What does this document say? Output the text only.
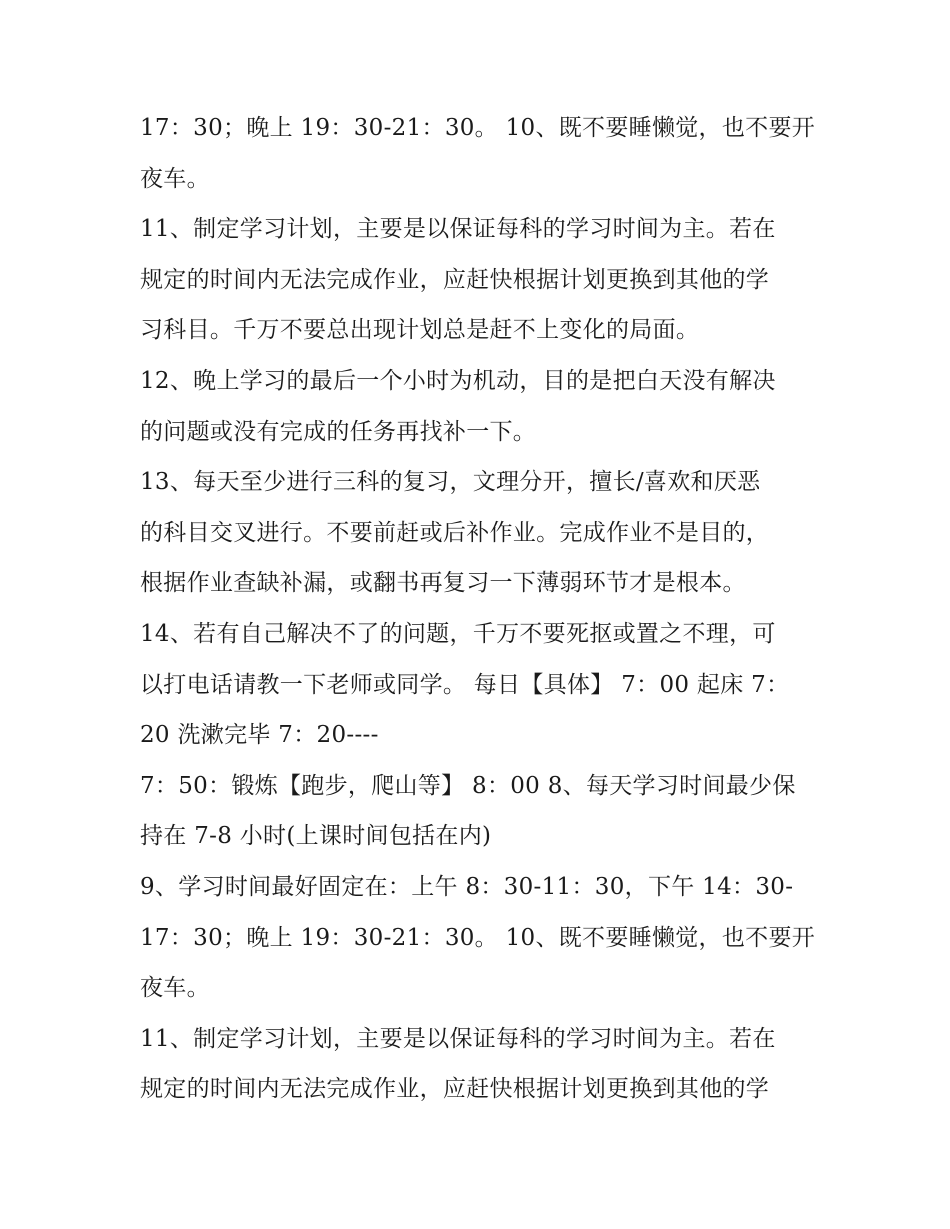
17：30；晚上 19：30-21：30。 10、既不要睡懒觉，也不要开
夜车。
11、制定学习计划，主要是以保证每科的学习时间为主。若在
规定的时间内无法完成作业，应赶快根据计划更换到其他的学
习科目。千万不要总出现计划总是赶不上变化的局面。
12、晚上学习的最后一个小时为机动，目的是把白天没有解决
的问题或没有完成的任务再找补一下。
13、每天至少进行三科的复习，文理分开，擅长/喜欢和厌恶
的科目交叉进行。不要前赶或后补作业。完成作业不是目的，
根据作业查缺补漏，或翻书再复习一下薄弱环节才是根本。
14、若有自己解决不了的问题，千万不要死抠或置之不理，可
以打电话请教一下老师或同学。 每日【具体】 7：00 起床 7：
20 洗漱完毕 7：20----
7：50：锻炼【跑步，爬山等】 8：00 8、每天学习时间最少保
持在 7-8 小时(上课时间包括在内)
9、学习时间最好固定在：上午 8：30-11：30，下午 14：30-
17：30；晚上 19：30-21：30。 10、既不要睡懒觉，也不要开
夜车。
11、制定学习计划，主要是以保证每科的学习时间为主。若在
规定的时间内无法完成作业，应赶快根据计划更换到其他的学
